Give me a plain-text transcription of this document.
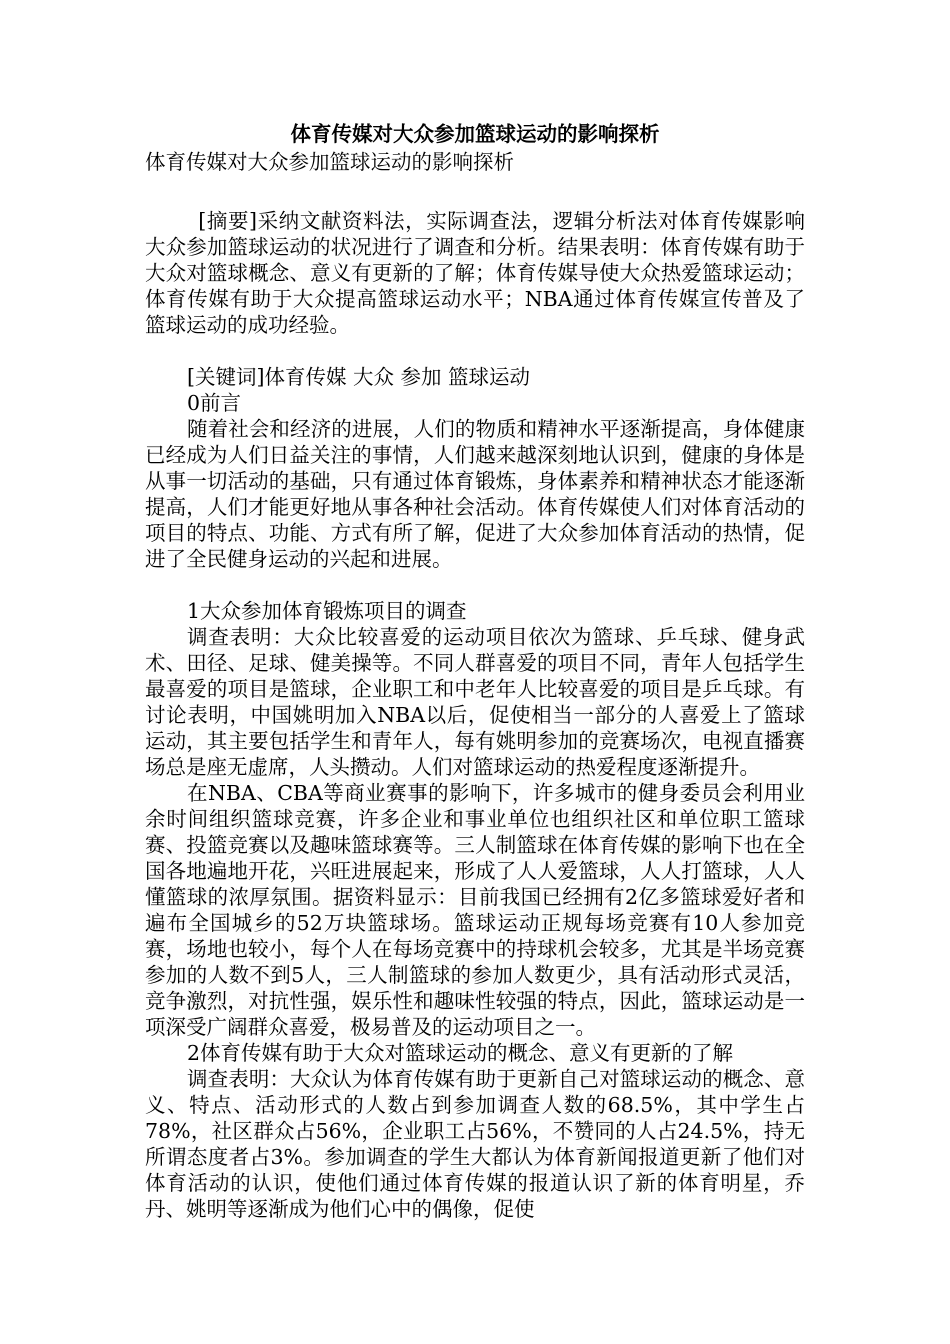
体育传媒对大众参加篮球运动的影响探析
体育传媒对大众参加篮球运动的影响探析

[摘要]采纳文献资料法，实际调查法，逻辑分析法对体育传媒影响大众参加篮球运动的状况进行了调查和分析。结果表明：体育传媒有助于大众对篮球概念、意义有更新的了解；体育传媒导使大众热爱篮球运动；体育传媒有助于大众提高篮球运动水平；NBA通过体育传媒宣传普及了篮球运动的成功经验。

[关键词]体育传媒 大众 参加 篮球运动

0前言

随着社会和经济的进展，人们的物质和精神水平逐渐提高，身体健康已经成为人们日益关注的事情，人们越来越深刻地认识到，健康的身体是从事一切活动的基础，只有通过体育锻炼，身体素养和精神状态才能逐渐提高，人们才能更好地从事各种社会活动。体育传媒使人们对体育活动的项目的特点、功能、方式有所了解，促进了大众参加体育活动的热情，促进了全民健身运动的兴起和进展。

1大众参加体育锻炼项目的调查

调查表明：大众比较喜爱的运动项目依次为篮球、乒乓球、健身武术、田径、足球、健美操等。不同人群喜爱的项目不同，青年人包括学生最喜爱的项目是篮球，企业职工和中老年人比较喜爱的项目是乒乓球。有讨论表明，中国姚明加入NBA以后，促使相当一部分的人喜爱上了篮球运动，其主要包括学生和青年人，每有姚明参加的竞赛场次，电视直播赛场总是座无虚席，人头攒动。人们对篮球运动的热爱程度逐渐提升。

在NBA、CBA等商业赛事的影响下，许多城市的健身委员会利用业余时间组织篮球竞赛，许多企业和事业单位也组织社区和单位职工篮球赛、投篮竞赛以及趣味篮球赛等。三人制篮球在体育传媒的影响下也在全国各地遍地开花，兴旺进展起来，形成了人人爱篮球，人人打篮球，人人懂篮球的浓厚氛围。据资料显示：目前我国已经拥有2亿多篮球爱好者和遍布全国城乡的52万块篮球场。篮球运动正规每场竞赛有10人参加竞赛，场地也较小，每个人在每场竞赛中的持球机会较多，尤其是半场竞赛参加的人数不到5人，三人制篮球的参加人数更少，具有活动形式灵活，竞争激烈，对抗性强，娱乐性和趣味性较强的特点，因此，篮球运动是一项深受广阔群众喜爱，极易普及的运动项目之一。

2体育传媒有助于大众对篮球运动的概念、意义有更新的了解

调查表明：大众认为体育传媒有助于更新自己对篮球运动的概念、意义、特点、活动形式的人数占到参加调查人数的68.5%，其中学生占78%，社区群众占56%，企业职工占56%，不赞同的人占24.5%，持无所谓态度者占3%。参加调查的学生大都认为体育新闻报道更新了他们对体育活动的认识，使他们通过体育传媒的报道认识了新的体育明星，乔丹、姚明等逐渐成为他们心中的偶像，促使
